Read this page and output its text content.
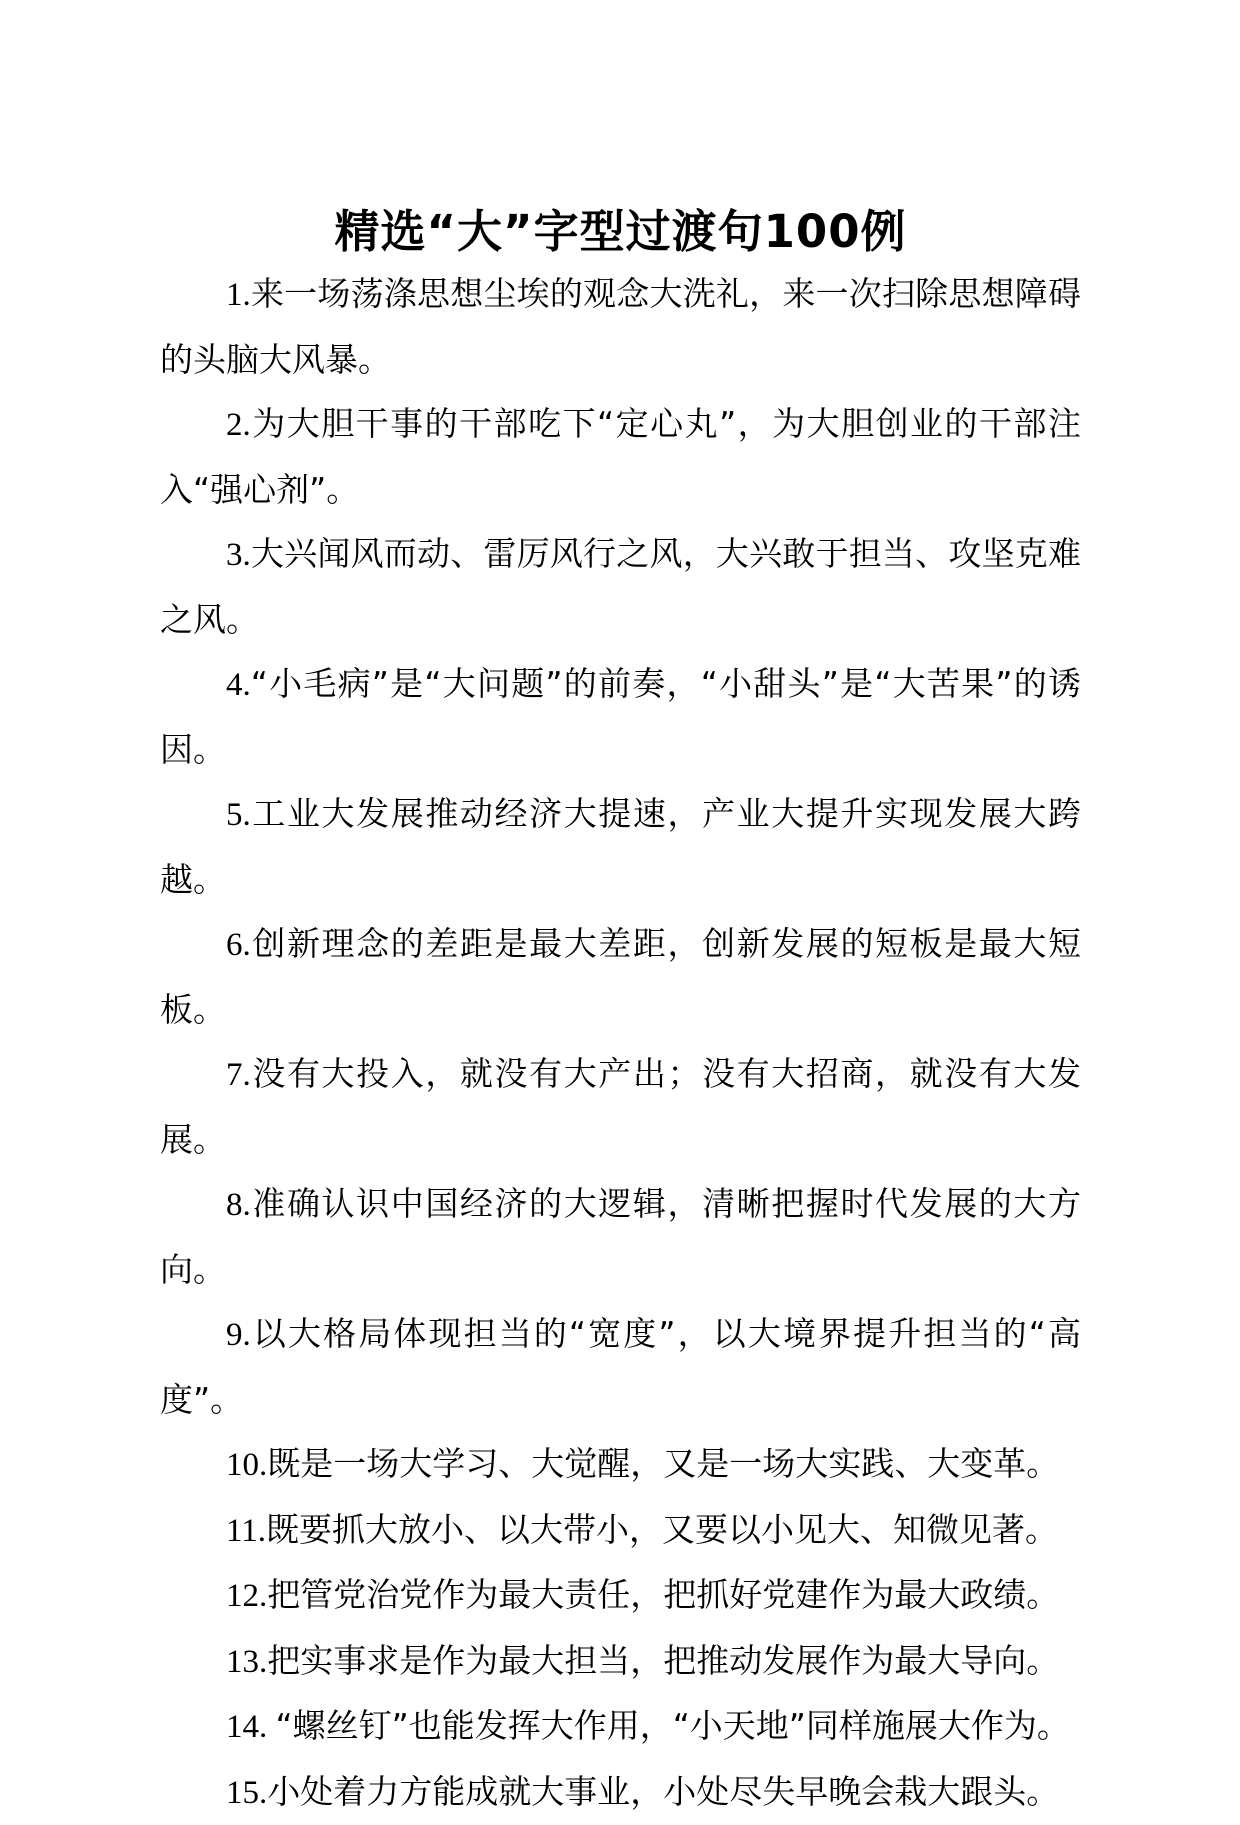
精选“大”字型过渡句100例

1.来一场荡涤思想尘埃的观念大洗礼，来一次扫除思想障碍的头脑大风暴。

2.为大胆干事的干部吃下“定心丸”，为大胆创业的干部注入“强心剂”。

3.大兴闻风而动、雷厉风行之风，大兴敢于担当、攻坚克难之风。

4.“小毛病”是“大问题”的前奏，“小甜头”是“大苦果”的诱因。

5.工业大发展推动经济大提速，产业大提升实现发展大跨越。

6.创新理念的差距是最大差距，创新发展的短板是最大短板。

7.没有大投入，就没有大产出；没有大招商，就没有大发展。

8.准确认识中国经济的大逻辑，清晰把握时代发展的大方向。

9.以大格局体现担当的“宽度”，以大境界提升担当的“高度”。

10.既是一场大学习、大觉醒，又是一场大实践、大变革。

11.既要抓大放小、以大带小，又要以小见大、知微见著。

12.把管党治党作为最大责任，把抓好党建作为最大政绩。

13.把实事求是作为最大担当，把推动发展作为最大导向。

14. “螺丝钉”也能发挥大作用，“小天地”同样施展大作为。

15.小处着力方能成就大事业，小处尽失早晚会栽大跟头。
